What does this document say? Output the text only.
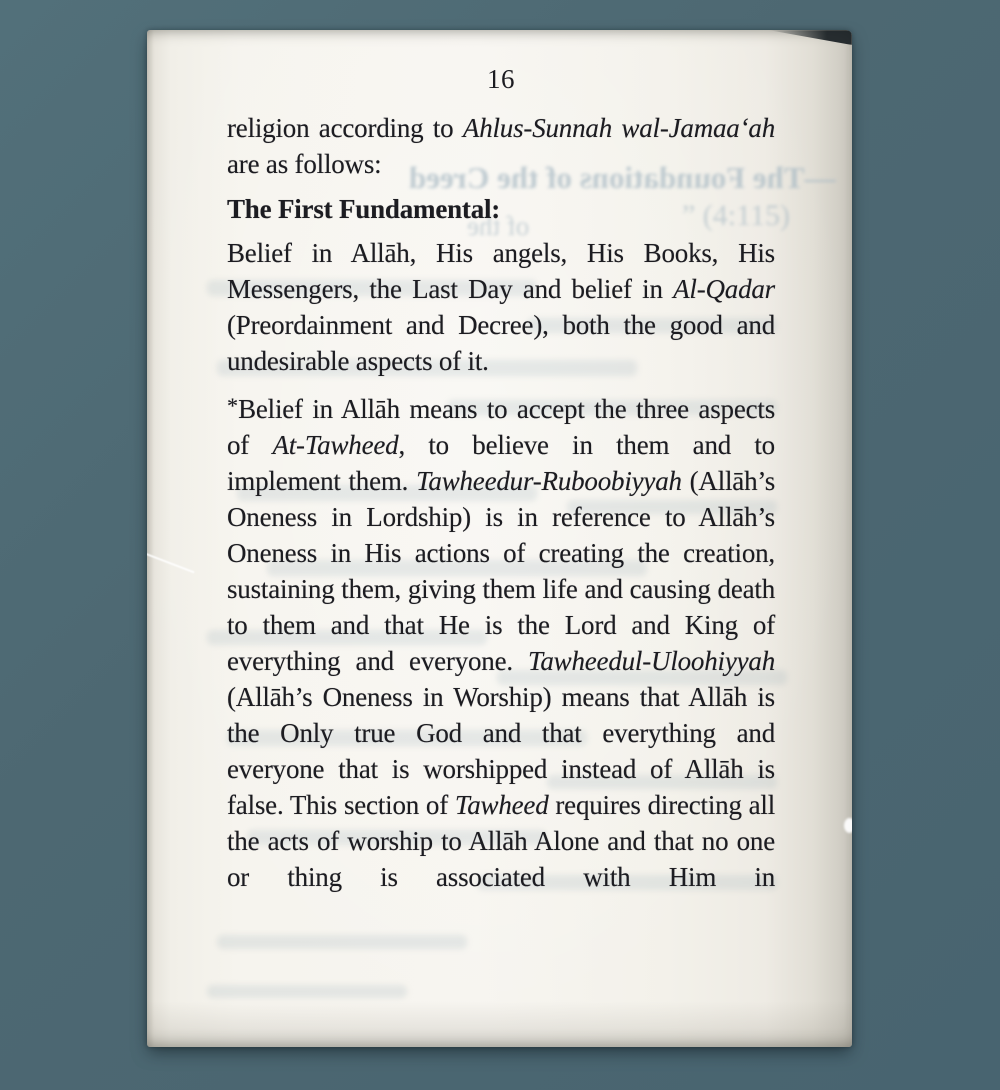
—The Foundations of the Creed
” (4:115)
of the
16

religion according to Ahlus-Sunnah wal-Jamaa‘ah are as follows:

The First Fundamental:

Belief in Allāh, His angels, His Books, His Messengers, the Last Day and belief in Al-Qadar (Preordainment and Decree), both the good and undesirable aspects of it.

*Belief in Allāh means to accept the three aspects of At-Tawheed, to believe in them and to implement them. Tawheedur-Ruboobiyyah (Allāh’s Oneness in Lordship) is in reference to Allāh’s Oneness in His actions of creating the creation, sustaining them, giving them life and causing death to them and that He is the Lord and King of everything and everyone. Tawheedul-Uloohiyyah (Allāh’s Oneness in Worship) means that Allāh is the Only true God and that everything and everyone that is worshipped instead of Allāh is false. This section of Tawheed requires directing all the acts of worship to Allāh Alone and that no one or thing is associated with Him in
